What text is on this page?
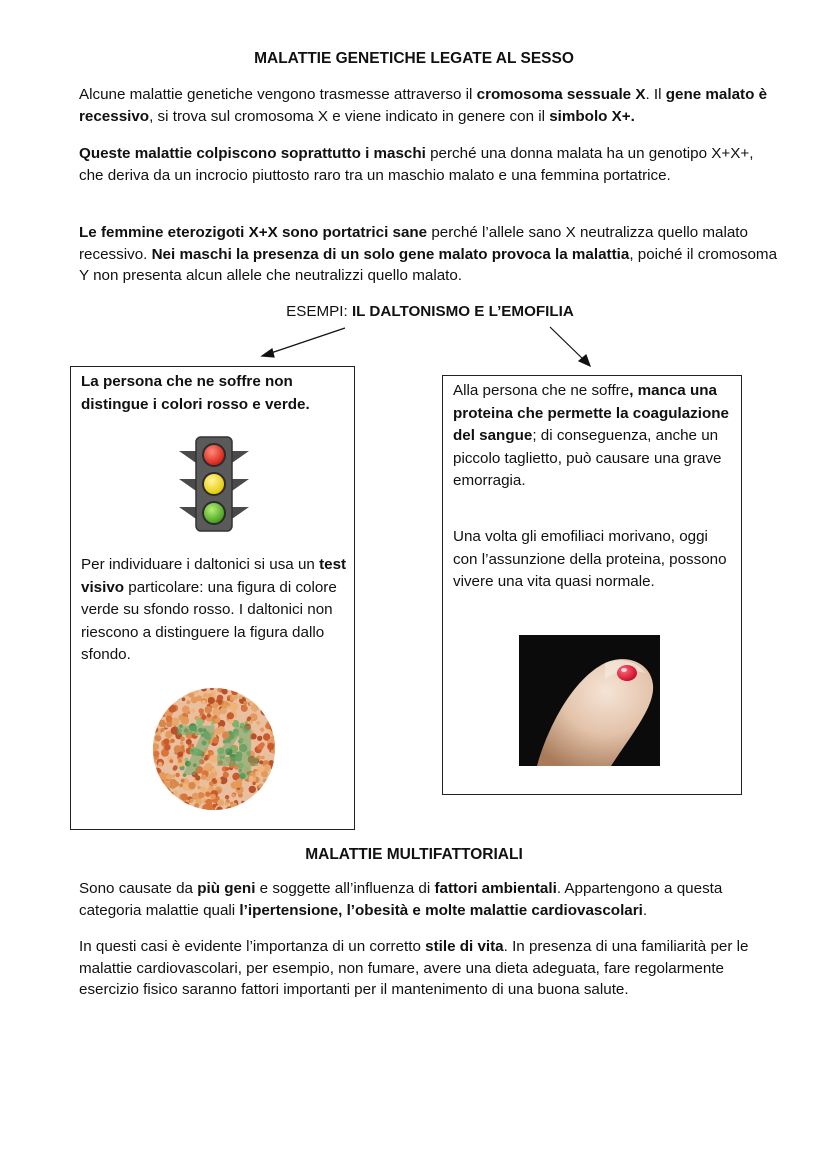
MALATTIE GENETICHE LEGATE AL SESSO

Alcune malattie genetiche vengono trasmesse attraverso il cromosoma sessuale X. Il gene malato è recessivo, si trova sul cromosoma X e viene indicato in genere con il simbolo X+.

Queste malattie colpiscono soprattutto i maschi perché una donna malata ha un genotipo X+X+, che deriva da un incrocio piuttosto raro tra un maschio malato e una femmina portatrice.

Le femmine eterozigoti X+X sono portatrici sane perché l’allele sano X neutralizza quello malato recessivo. Nei maschi la presenza di un solo gene malato provoca la malattia, poiché il cromosoma Y non presenta alcun allele che neutralizzi quello malato.

ESEMPI: IL DALTONISMO E L’EMOFILIA

La persona che ne soffre non distingue i colori rosso e verde.

Per individuare i daltonici si usa un test visivo particolare: una figura di colore verde su sfondo rosso. I daltonici non riescono a distinguere la figura dallo sfondo.

74

Alla persona che ne soffre, manca una proteina che permette la coagulazione del sangue; di conseguenza, anche un piccolo taglietto, può causare una grave emorragia.

Una volta gli emofiliaci morivano, oggi con l’assunzione della proteina, possono vivere una vita quasi normale.

MALATTIE MULTIFATTORIALI

Sono causate da più geni e soggette all’influenza di fattori ambientali. Appartengono a questa categoria malattie quali l’ipertensione, l’obesità e molte malattie cardiovascolari.

In questi casi è evidente l’importanza di un corretto stile di vita. In presenza di una familiarità per le malattie cardiovascolari, per esempio, non fumare, avere una dieta adeguata, fare regolarmente esercizio fisico saranno fattori importanti per il mantenimento di una buona salute.
